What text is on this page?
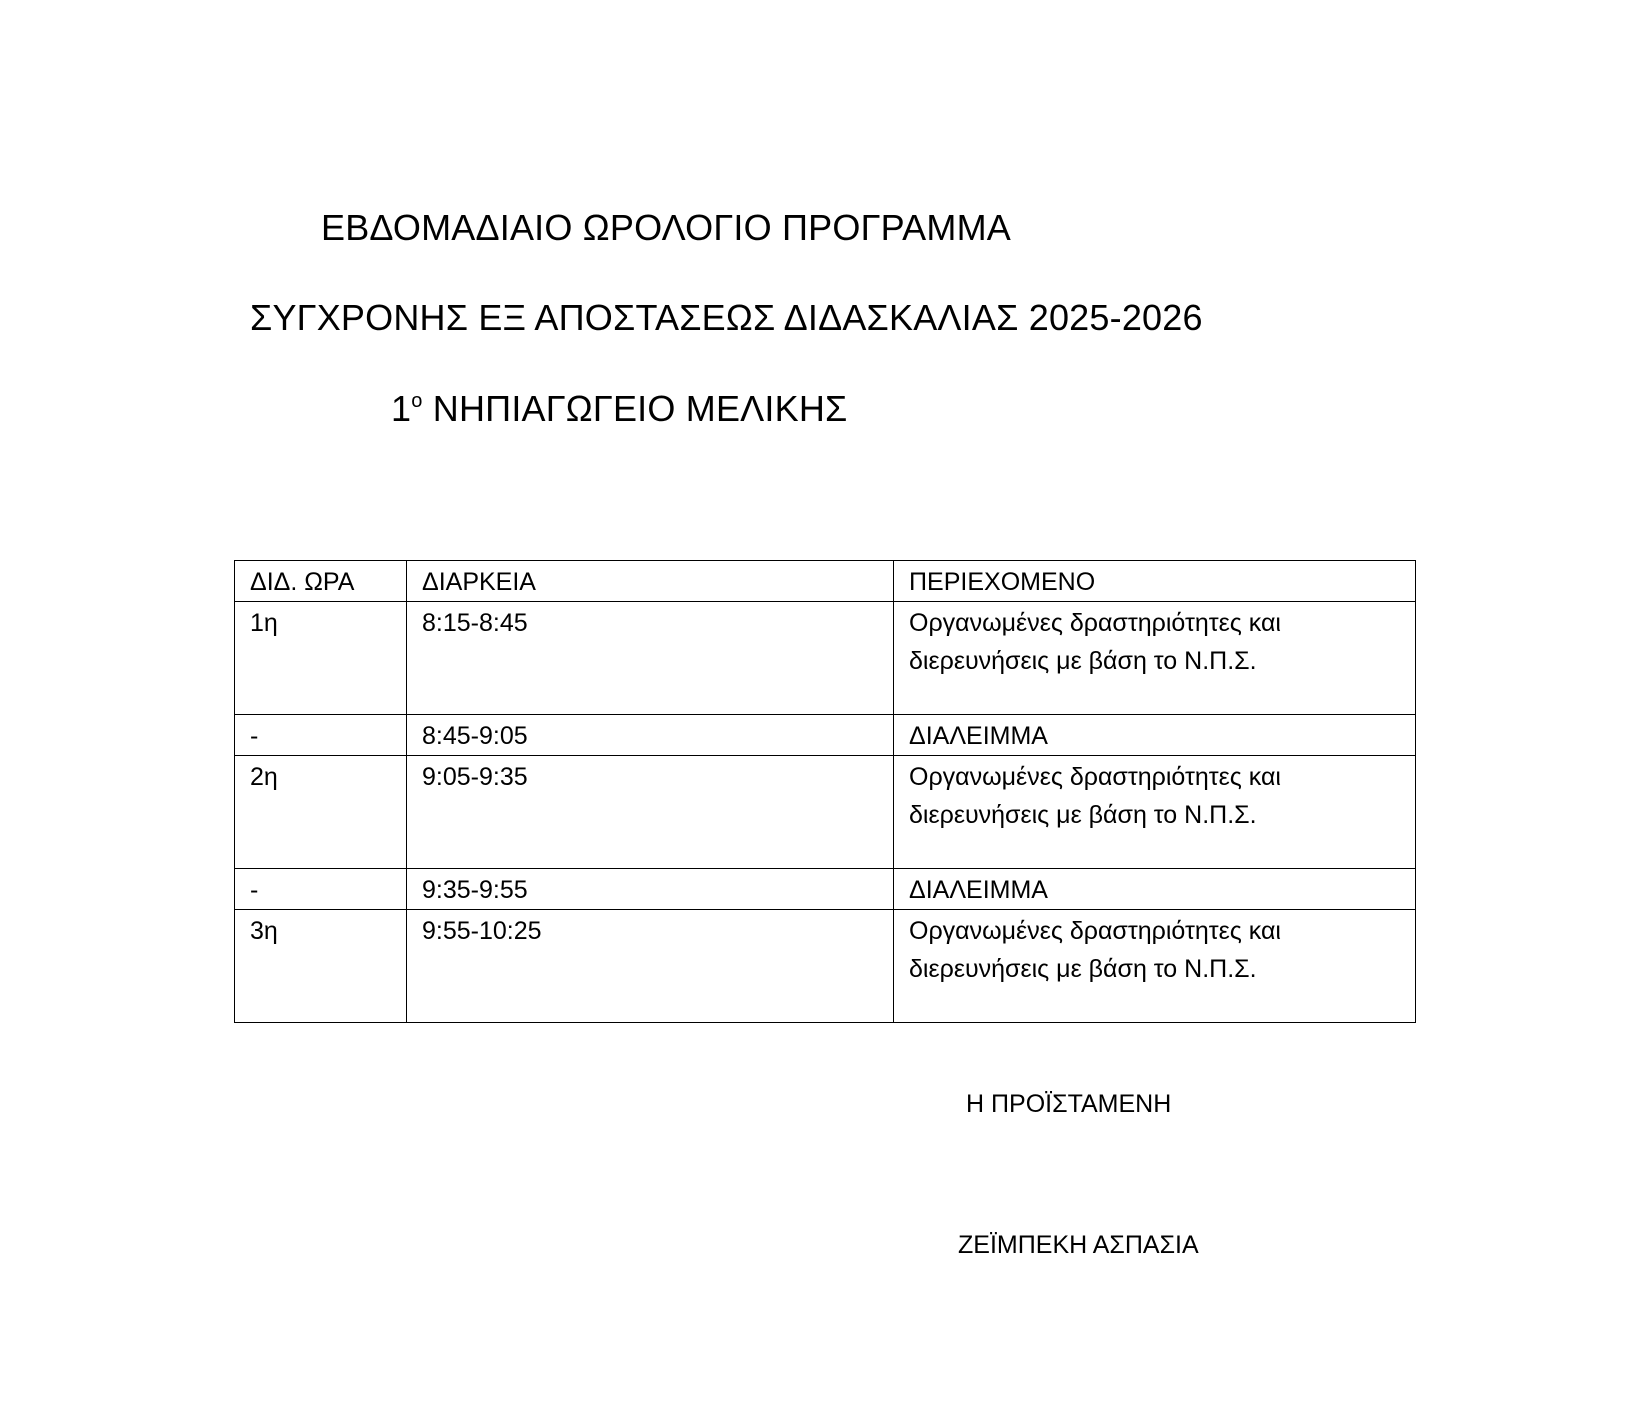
ΕΒΔΟΜΑΔΙΑΙΟ ΩΡΟΛΟΓΙΟ ΠΡΟΓΡΑΜΜΑ
ΣΥΓΧΡΟΝΗΣ ΕΞ ΑΠΟΣΤΑΣΕΩΣ ΔΙΔΑΣΚΑΛΙΑΣ 2025-2026
$1^o$ ΝΗΠΙΑΓΩΓΕΙΟ ΜΕΛΙΚΗΣ
ΔΙΔ. ΩΡΑ	ΔΙΑΡΚΕΙΑ	ΠΕΡΙΕΧΟΜΕΝΟ
1η	8:15-8:45	Οργανωμένες δραστηριότητες και
διερευνήσεις με βάση το Ν.Π.Σ.

-	8:45-9:05	ΔΙΑΛΕΙΜΜΑ

2η	9:05-9:35	Οργανωμένες δραστηριότητες και
διερευνήσεις με βάση το Ν.Π.Σ.

-	9:35-9:55	ΔΙΑΛΕΙΜΜΑ

3η	9:55-10:25	Οργανωμένες δραστηριότητες και
διερευνήσεις με βάση το Ν.Π.Σ.
Η ΠΡΟΪΣΤΑΜΕΝΗ
ΖΕΪΜΠΕΚΗ ΑΣΠΑΣΙΑ
